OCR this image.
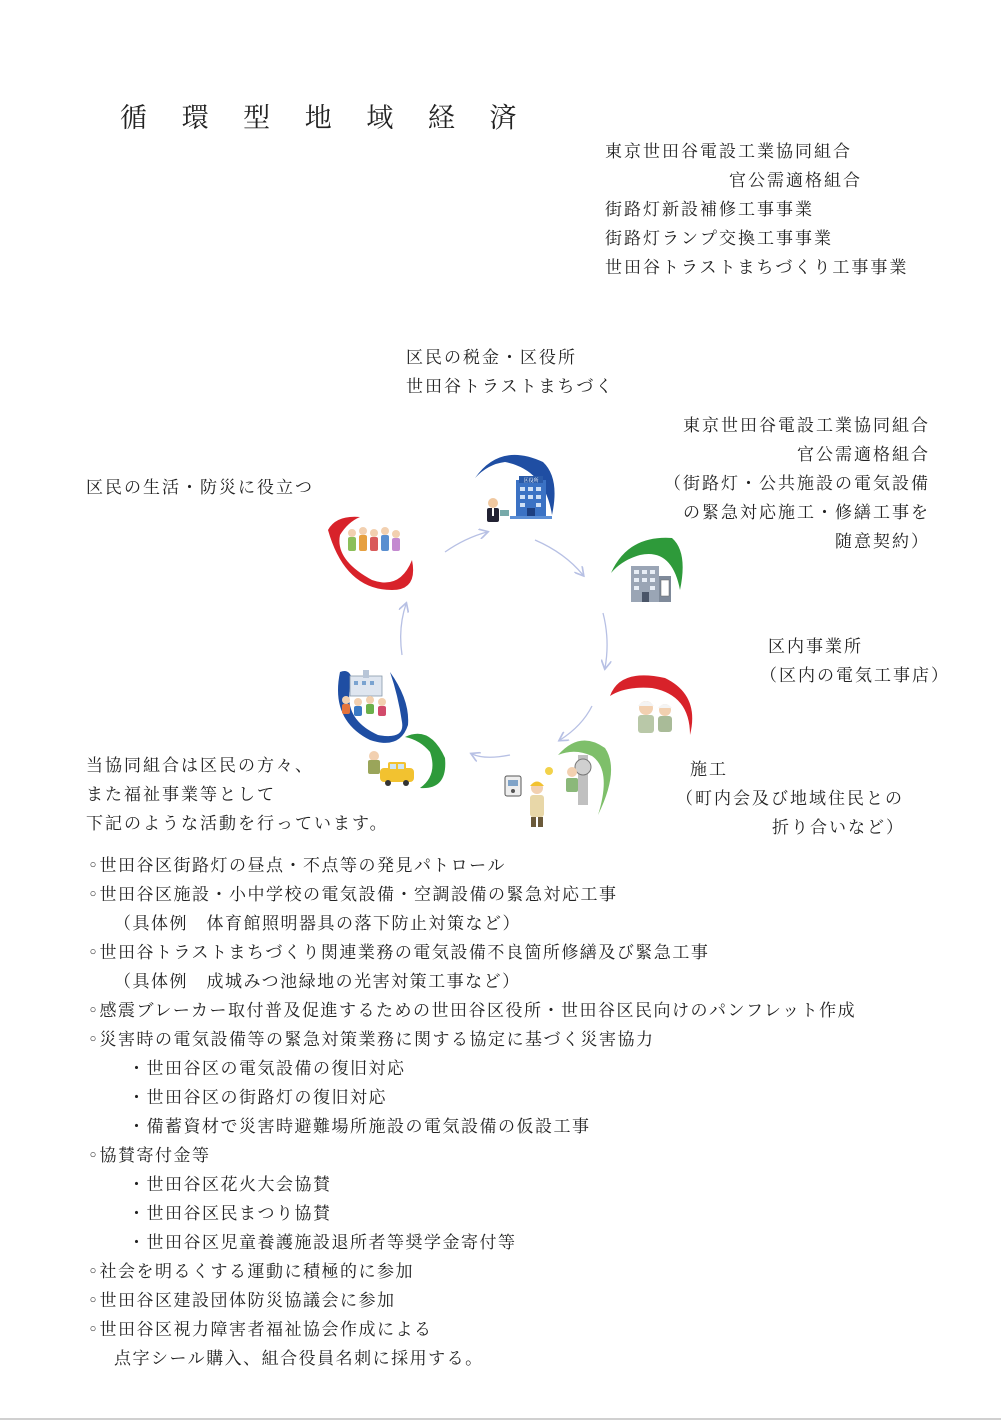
循 環 型 地 域 経 済
東京世田谷電設工業協同組合
官公需適格組合
街路灯新設補修工事事業
街路灯ランプ交換工事事業
世田谷トラストまちづくり工事事業
区民の税金・区役所
世田谷トラストまちづく
東京世田谷電設工業協同組合
官公需適格組合
（街路灯・公共施設の電気設備
の緊急対応施工・修繕工事を
随意契約）
区内事業所
（区内の電気工事店）
施工
（町内会及び地域住民との
折り合いなど）
区民の生活・防災に役立つ
当協同組合は区民の方々、
また福祉事業等として
下記のような活動を行っています。
区役所
◦世田谷区街路灯の昼点・不点等の発見パトロール
◦世田谷区施設・小中学校の電気設備・空調設備の緊急対応工事
（具体例　体育館照明器具の落下防止対策など）
◦世田谷トラストまちづくり関連業務の電気設備不良箇所修繕及び緊急工事
（具体例　成城みつ池緑地の光害対策工事など）
◦感震ブレーカー取付普及促進するための世田谷区役所・世田谷区民向けのパンフレット作成
◦災害時の電気設備等の緊急対策業務に関する協定に基づく災害協力
・世田谷区の電気設備の復旧対応
・世田谷区の街路灯の復旧対応
・備蓄資材で災害時避難場所施設の電気設備の仮設工事
◦協賛寄付金等
・世田谷区花火大会協賛
・世田谷区民まつり協賛
・世田谷区児童養護施設退所者等奨学金寄付等
◦社会を明るくする運動に積極的に参加
◦世田谷区建設団体防災協議会に参加
◦世田谷区視力障害者福祉協会作成による
点字シール購入、組合役員名刺に採用する。
